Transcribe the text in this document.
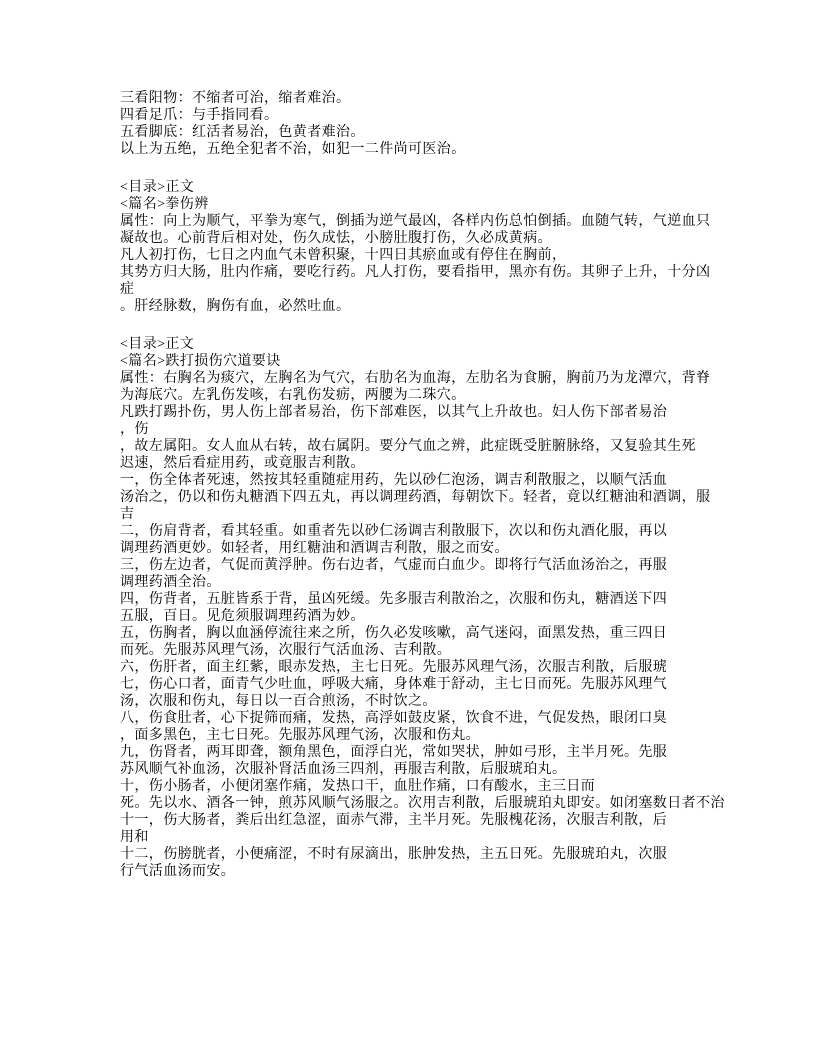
三看阳物：不缩者可治，缩者难治。
四看足爪：与手指同看。
五看脚底：红活者易治，色黄者难治。
以上为五绝，五绝全犯者不治，如犯一二件尚可医治。
<目录>正文
<篇名>拳伤辨
属性：向上为顺气，平拳为寒气，倒插为逆气最凶，各样内伤总怕倒插。血随气转，气逆血只
凝故也。心前背后相对处，伤久成怯，小膀肚腹打伤，久必成黄病。
凡人初打伤，七日之内血气未曾积聚，十四日其瘀血或有停住在胸前，
其势方归大肠，肚内作痛，要吃行药。凡人打伤，要看指甲，黑亦有伤。其卵子上升，十分凶
症
。肝经脉数，胸伤有血，必然吐血。
<目录>正文
<篇名>跌打损伤穴道要诀
属性：右胸名为痰穴，左胸名为气穴，右肋名为血海，左肋名为食腑，胸前乃为龙潭穴，背脊
为海底穴。左乳伤发咳，右乳伤发疬，两腰为二珠穴。
凡跌打踢扑伤，男人伤上部者易治，伤下部难医，以其气上升故也。妇人伤下部者易治
，伤
，故左属阳。女人血从右转，故右属阴。要分气血之辨，此症既受脏腑脉络，又复验其生死
迟速，然后看症用药，或竟服吉利散。
一，伤全体者死速，然按其轻重随症用药，先以砂仁泡汤，调吉利散服之，以顺气活血
汤治之，仍以和伤丸糖酒下四五丸，再以调理药酒，每朝饮下。轻者，竟以红糖油和酒调，服
吉
二，伤肩背者，看其轻重。如重者先以砂仁汤调吉利散服下，次以和伤丸酒化服，再以
调理药酒更妙。如轻者，用红糖油和酒调吉利散，服之而安。
三，伤左边者，气促而黄浮肿。伤右边者，气虚而白血少。即将行气活血汤治之，再服
调理药酒全治。
四，伤背者，五脏皆系于背，虽凶死缓。先多服吉利散治之，次服和伤丸，糖酒送下四
五服，百日。见危须服调理药酒为妙。
五，伤胸者，胸以血涵停流往来之所，伤久必发咳嗽，高气迷闷，面黑发热，重三四日
而死。先服苏风理气汤，次服行气活血汤、吉利散。
六，伤肝者，面主红紫，眼赤发热，主七日死。先服苏风理气汤，次服吉利散，后服琥
七，伤心口者，面青气少吐血，呼吸大痛，身体难于舒动，主七日而死。先服苏风理气
汤，次服和伤丸，每日以一百合煎汤，不时饮之。
八，伤食肚者，心下捉筛而痛，发热，高浮如鼓皮紧，饮食不进，气促发热，眼闭口臭
，面多黑色，主七日死。先服苏风理气汤，次服和伤丸。
九，伤肾者，两耳即聋，额角黑色，面浮白光，常如哭状，肿如弓形，主半月死。先服
苏风顺气补血汤，次服补肾活血汤三四剂，再服吉利散，后服琥珀丸。
十，伤小肠者，小便闭塞作痛，发热口干，血肚作痛，口有酸水，主三日而
死。先以水、酒各一钟，煎苏风顺气汤服之。次用吉利散，后服琥珀丸即安。如闭塞数日者不治
十一，伤大肠者，粪后出红急涩，面赤气滞，主半月死。先服槐花汤，次服吉利散，后
用和
十二，伤膀胱者，小便痛涩，不时有尿滴出，胀肿发热，主五日死。先服琥珀丸，次服
行气活血汤而安。
